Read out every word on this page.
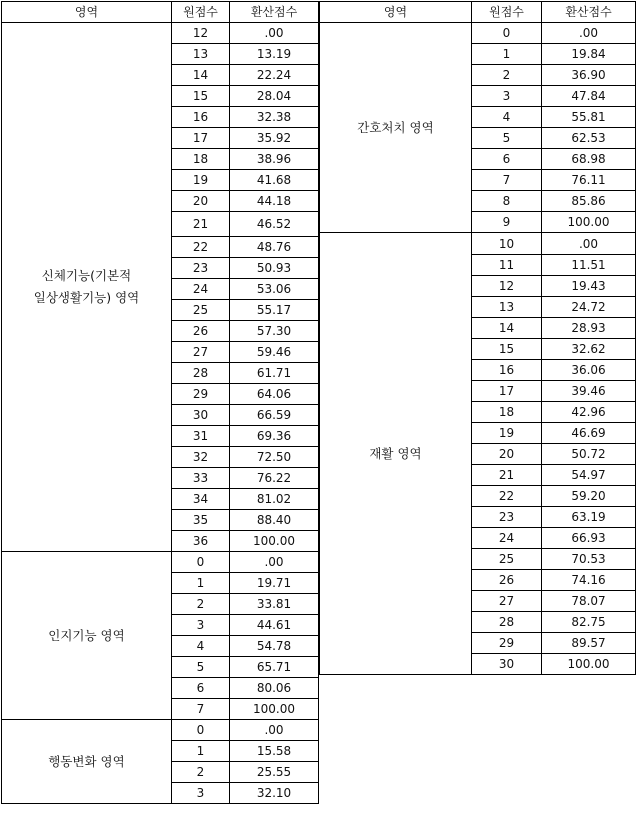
영역	원점수	환산점수
신체기능(기본적
일상생활기능) 영역	12	.00
	13	13.19
	14	22.24
	15	28.04
	16	32.38
	17	35.92
	18	38.96
	19	41.68
	20	44.18
	21	46.52
	22	48.76
	23	50.93
	24	53.06
	25	55.17
	26	57.30
	27	59.46
	28	61.71
	29	64.06
	30	66.59
	31	69.36
	32	72.50
	33	76.22
	34	81.02
	35	88.40
	36	100.00
인지기능 영역	0	.00
	1	19.71
	2	33.81
	3	44.61
	4	54.78
	5	65.71
	6	80.06
	7	100.00
행동변화 영역	0	.00
	1	15.58
	2	25.55
	3	32.10
영역	원점수	환산점수
간호처치 영역	0	.00
	1	19.84
	2	36.90
	3	47.84
	4	55.81
	5	62.53
	6	68.98
	7	76.11
	8	85.86
	9	100.00
재활 영역	10	.00
	11	11.51
	12	19.43
	13	24.72
	14	28.93
	15	32.62
	16	36.06
	17	39.46
	18	42.96
	19	46.69
	20	50.72
	21	54.97
	22	59.20
	23	63.19
	24	66.93
	25	70.53
	26	74.16
	27	78.07
	28	82.75
	29	89.57
	30	100.00
